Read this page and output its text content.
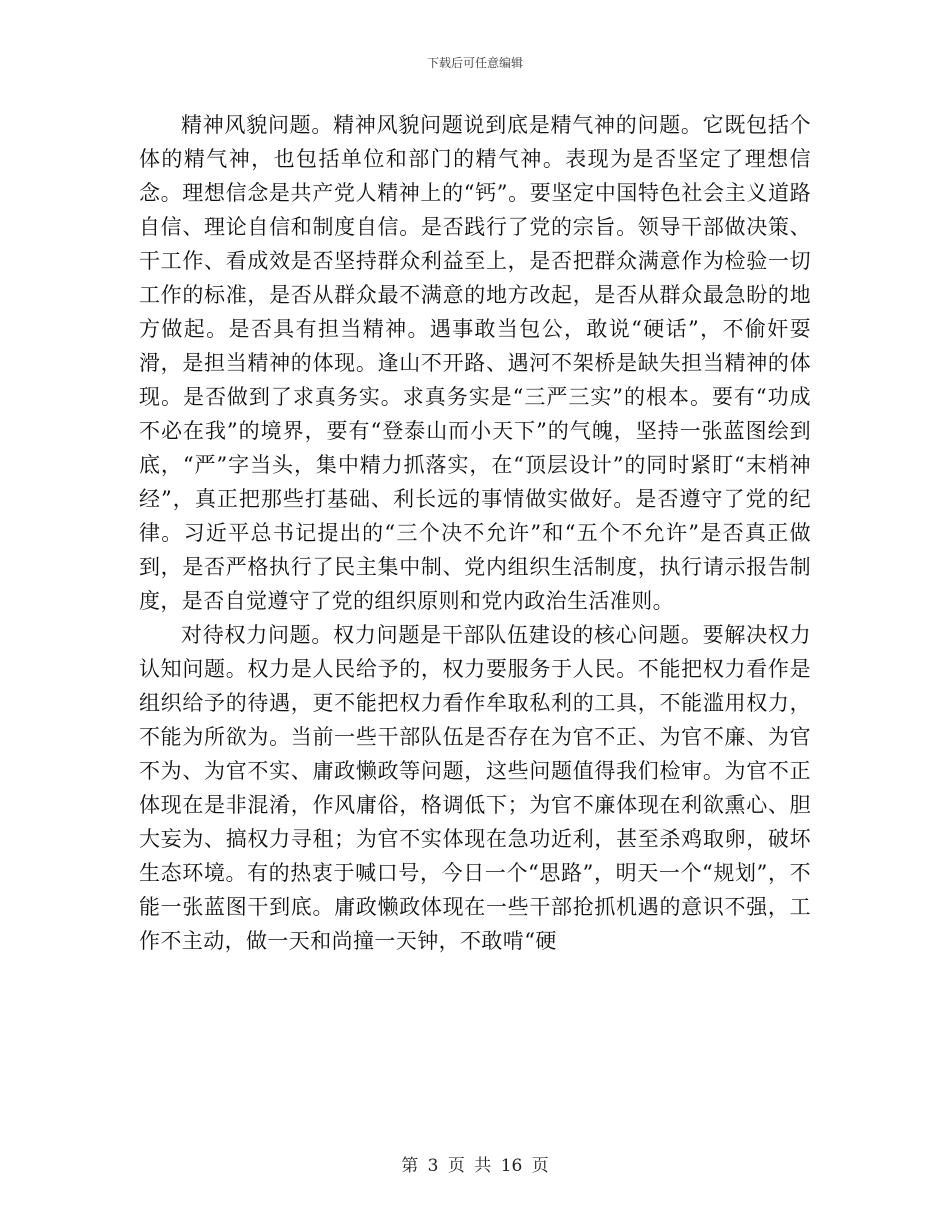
下载后可任意编辑

精神风貌问题。精神风貌问题说到底是精气神的问题。它既包括个体的精气神，也包括单位和部门的精气神。表现为是否坚定了理想信念。理想信念是共产党人精神上的“钙”。要坚定中国特色社会主义道路自信、理论自信和制度自信。是否践行了党的宗旨。领导干部做决策、干工作、看成效是否坚持群众利益至上，是否把群众满意作为检验一切工作的标准，是否从群众最不满意的地方改起，是否从群众最急盼的地方做起。是否具有担当精神。遇事敢当包公，敢说“硬话”，不偷奸耍滑，是担当精神的体现。逢山不开路、遇河不架桥是缺失担当精神的体现。是否做到了求真务实。求真务实是“三严三实”的根本。要有“功成不必在我”的境界，要有“登泰山而小天下”的气魄，坚持一张蓝图绘到底，“严”字当头，集中精力抓落实，在“顶层设计”的同时紧盯“末梢神经”，真正把那些打基础、利长远的事情做实做好。是否遵守了党的纪律。习近平总书记提出的“三个决不允许”和“五个不允许”是否真正做到，是否严格执行了民主集中制、党内组织生活制度，执行请示报告制度，是否自觉遵守了党的组织原则和党内政治生活准则。

对待权力问题。权力问题是干部队伍建设的核心问题。要解决权力认知问题。权力是人民给予的，权力要服务于人民。不能把权力看作是组织给予的待遇，更不能把权力看作牟取私利的工具，不能滥用权力，不能为所欲为。当前一些干部队伍是否存在为官不正、为官不廉、为官不为、为官不实、庸政懒政等问题，这些问题值得我们检审。为官不正体现在是非混淆，作风庸俗，格调低下；为官不廉体现在利欲熏心、胆大妄为、搞权力寻租；为官不实体现在急功近利，甚至杀鸡取卵，破坏生态环境。有的热衷于喊口号，今日一个“思路”，明天一个“规划”，不能一张蓝图干到底。庸政懒政体现在一些干部抢抓机遇的意识不强，工作不主动，做一天和尚撞一天钟，不敢啃“硬

第 3 页 共 16 页
